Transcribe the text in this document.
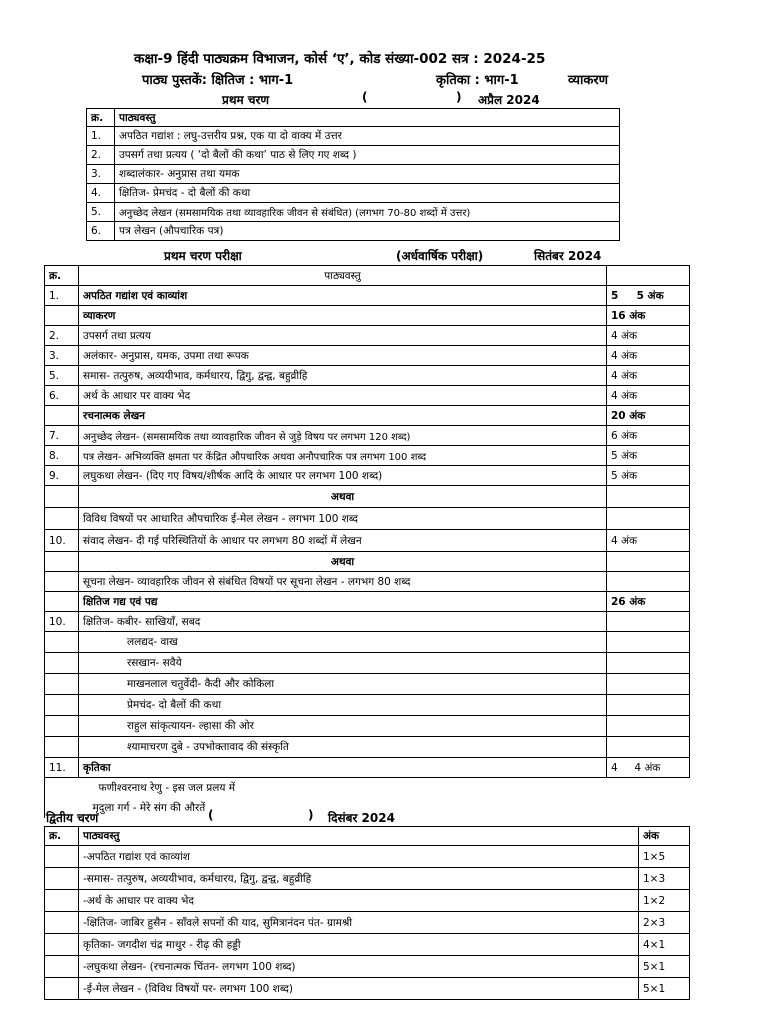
कक्षा-9 हिंदी पाठ्यक्रम विभाजन, कोर्स ‘ए’, कोड संख्या-002 सत्र : 2024-25
पाठ्य पुस्तकें: क्षितिज : भाग-1	कृतिका : भाग-1	व्याकरण
प्रथम चरण	(	) अप्रैल 2024
क्र.	पाठ्यवस्तु
1.	अपठित गद्यांश : लघु-उत्तरीय प्रश्न, एक या दो वाक्य में उत्तर
2.	उपसर्ग तथा प्रत्यय ( ‘दो बैलों की कथा’ पाठ से लिए गए शब्द )
3.	शब्दालंकार- अनुप्रास तथा यमक
4.	क्षितिज- प्रेमचंद - दो बैलों की कथा
5.	अनुच्छेद लेखन (समसामयिक तथा व्यावहारिक जीवन से संबंधित) (लगभग 70-80 शब्दों में उत्तर)
6.	पत्र लेखन (औपचारिक पत्र)
प्रथम चरण परीक्षा	(अर्धवार्षिक परीक्षा)	सितंबर 2024
क्र.	पाठ्यवस्तु	
1.	अपठित गद्यांश एवं काव्यांश	5     5 अंक
	व्याकरण	16 अंक
2.	उपसर्ग तथा प्रत्यय	4 अंक
3.	अलंकार- अनुप्रास, यमक, उपमा तथा रूपक	4 अंक
5.	समास- तत्पुरुष, अव्ययीभाव, कर्मधारय, द्विगु, द्वन्द्व, बहुव्रीहि	4 अंक
6.	अर्थ के आधार पर वाक्य भेद	4 अंक
	रचनात्मक लेखन	20 अंक
7.	अनुच्छेद लेखन- (समसामयिक तथा व्यावहारिक जीवन से जुड़े विषय पर लगभग 120 शब्द)	6 अंक
8.	पत्र लेखन- अभिव्यक्ति क्षमता पर केंद्रित औपचारिक अथवा अनौपचारिक पत्र लगभग 100 शब्द	5 अंक
9.	लघुकथा लेखन- (दिए गए विषय/शीर्षक आदि के आधार पर लगभग 100 शब्द)	5 अंक
	अथवा	
	विविध विषयों पर आधारित औपचारिक ई-मेल लेखन - लगभग 100 शब्द	
10.	संवाद लेखन- दी गई परिस्थितियों के आधार पर लगभग 80 शब्दों में लेखन	4 अंक
	अथवा	
	सूचना लेखन- व्यावहारिक जीवन से संबंधित विषयों पर सूचना लेखन - लगभग 80 शब्द	
	क्षितिज गद्य एवं पद्य	26 अंक
10.	क्षितिज- कबीर- साखियाँ, सबद	
	ललद्यद- वाख	
	रसखान- सवैये	
	माखनलाल चतुर्वेदी- कैदी और कोकिला	
	प्रेमचंद- दो बैलों की कथा	
	राहुल सांकृत्यायन- ल्हासा की ओर	
	श्यामाचरण दुबे - उपभोक्तावाद की संस्कृति	
11.	कृतिका	4     4 अंक
	फणीश्वरनाथ रेणु - इस जल प्रलय में	
	मृदुला गर्ग - मेरे संग की औरतें	
द्वितीय चरण	(	) दिसंबर 2024
क्र.	पाठ्यवस्तु	अंक
	-अपठित गद्यांश एवं काव्यांश	1×5
	-समास- तत्पुरुष, अव्ययीभाव, कर्मधारय, द्विगु, द्वन्द्व, बहुव्रीहि	1×3
	-अर्थ के आधार पर वाक्य भेद	1×2
	-क्षितिज- जाबिर हुसैन - साँवले सपनों की याद, सुमित्रानंदन पंत- ग्रामश्री	2×3
	कृतिका- जगदीश चंद्र माथुर - रीढ़ की हड्डी	4×1
	-लघुकथा लेखन- (रचनात्मक चिंतन- लगभग 100 शब्द)	5×1
	-ई-मेल लेखन - (विविध विषयों पर- लगभग 100 शब्द)	5×1
